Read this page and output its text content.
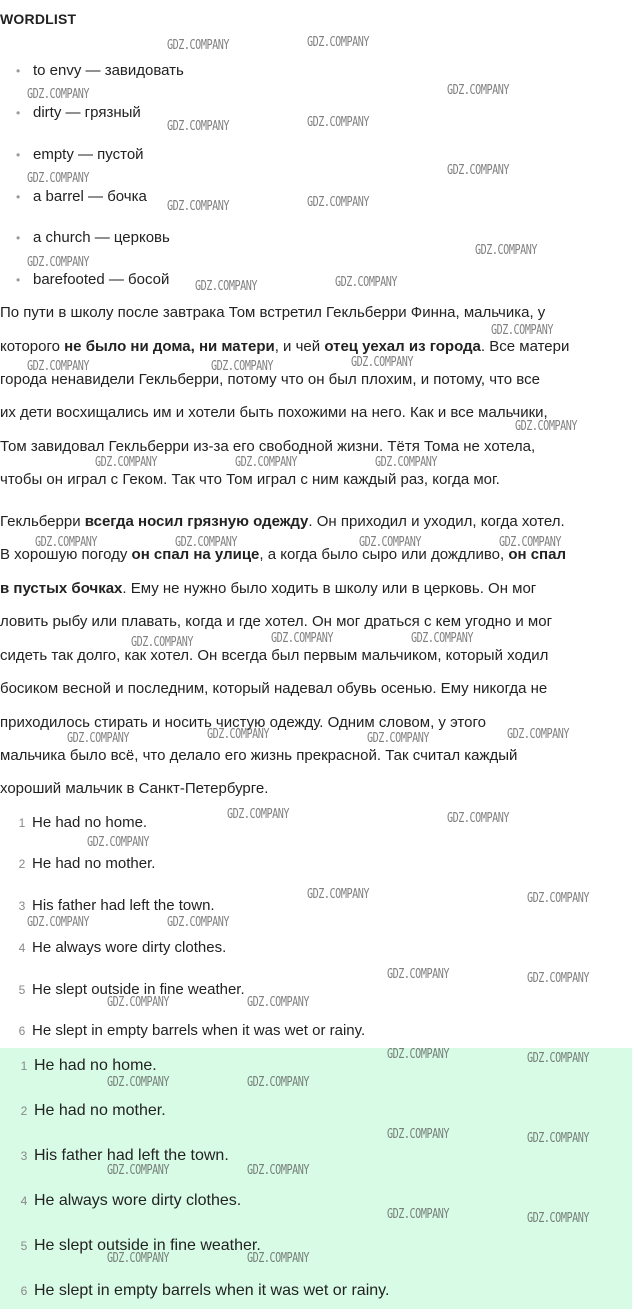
WORDLIST
• to envy — завидовать
• dirty — грязный
• empty — пустой
• a barrel — бочка
• a church — церковь
• barefooted — босой
По пути в школу после завтрака Том встретил Гекльберри Финна, мальчика, у
которого не было ни дома, ни матери, и чей отец уехал из города. Все матери
города ненавидели Гекльберри, потому что он был плохим, и потому, что все
их дети восхищались им и хотели быть похожими на него. Как и все мальчики,
Том завидовал Гекльберри из-за его свободной жизни. Тётя Тома не хотела,
чтобы он играл с Геком. Так что Том играл с ним каждый раз, когда мог.
Гекльберри всегда носил грязную одежду. Он приходил и уходил, когда хотел.
В хорошую погоду он спал на улице, а когда было сыро или дождливо, он спал
в пустых бочках. Ему не нужно было ходить в школу или в церковь. Он мог
ловить рыбу или плавать, когда и где хотел. Он мог драться с кем угодно и мог
сидеть так долго, как хотел. Он всегда был первым мальчиком, который ходил
босиком весной и последним, который надевал обувь осенью. Ему никогда не
приходилось стирать и носить чистую одежду. Одним словом, у этого
мальчика было всё, что делало его жизнь прекрасной. Так считал каждый
хороший мальчик в Санкт-Петербурге.
1 He had no home.
2 He had no mother.
3 His father had left the town.
4 He always wore dirty clothes.
5 He slept outside in fine weather.
6 He slept in empty barrels when it was wet or rainy.
1 He had no home.
2 He had no mother.
3 His father had left the town.
4 He always wore dirty clothes.
5 He slept outside in fine weather.
6 He slept in empty barrels when it was wet or rainy.
GDZ.COMPANY	GDZ.COMPANY
GDZ.COMPANY	GDZ.COMPANY
GDZ.COMPANY	GDZ.COMPANY
GDZ.COMPANY
GDZ.COMPANY
GDZ.COMPANY	GDZ.COMPANY
GDZ.COMPANY
GDZ.COMPANY
GDZ.COMPANY	GDZ.COMPANY
GDZ.COMPANY
GDZ.COMPANY	GDZ.COMPANY	GDZ.COMPANY
GDZ.COMPANY
GDZ.COMPANY	GDZ.COMPANY	GDZ.COMPANY
GDZ.COMPANY	GDZ.COMPANY	GDZ.COMPANY	GDZ.COMPANY
GDZ.COMPANY	GDZ.COMPANY	GDZ.COMPANY
GDZ.COMPANY	GDZ.COMPANY	GDZ.COMPANY	GDZ.COMPANY
GDZ.COMPANY	GDZ.COMPANY
GDZ.COMPANY
GDZ.COMPANY	GDZ.COMPANY
GDZ.COMPANY	GDZ.COMPANY
GDZ.COMPANY	GDZ.COMPANY
GDZ.COMPANY	GDZ.COMPANY
GDZ.COMPANY	GDZ.COMPANY
GDZ.COMPANY	GDZ.COMPANY
GDZ.COMPANY	GDZ.COMPANY
GDZ.COMPANY	GDZ.COMPANY
GDZ.COMPANY	GDZ.COMPANY
GDZ.COMPANY	GDZ.COMPANY
